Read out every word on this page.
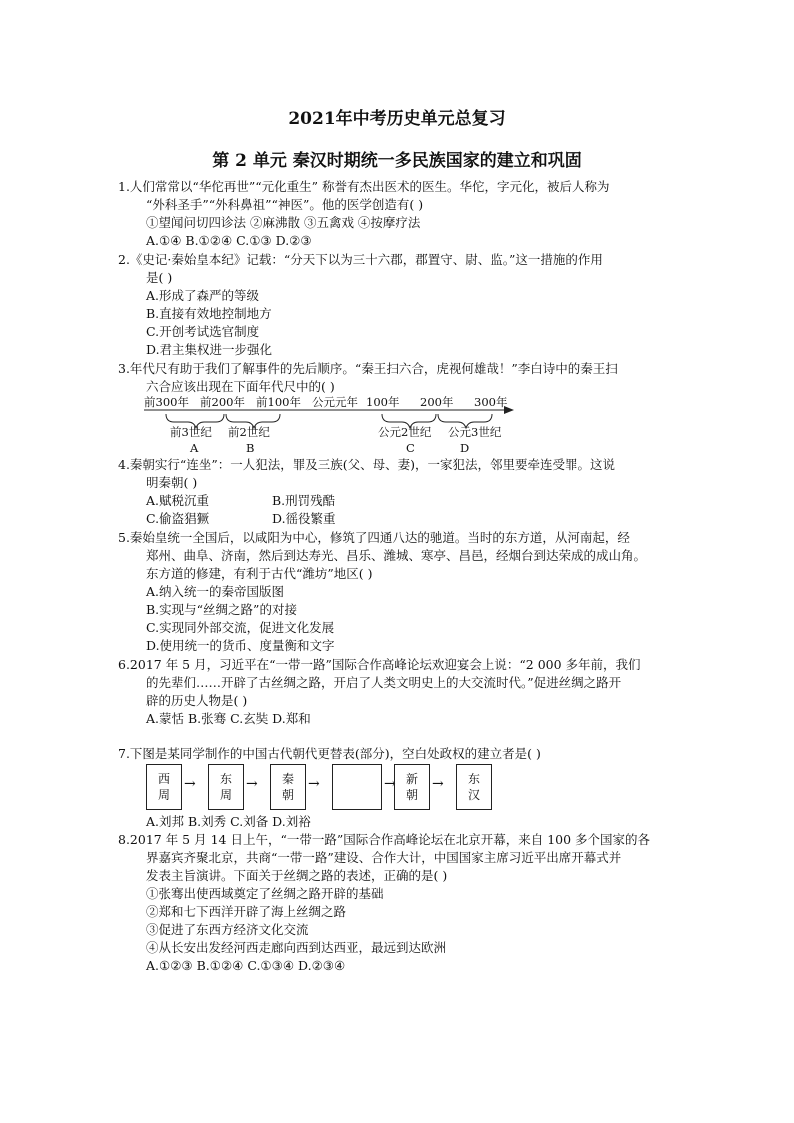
2021年中考历史单元总复习
第 2 单元 秦汉时期统一多民族国家的建立和巩固
1.人们常常以“华佗再世”“元化重生” 称誉有杰出医术的医生。华佗，字元化，被后人称为
“外科圣手”“外科鼻祖”“神医”。他的医学创造有( )
①望闻问切四诊法 ②麻沸散 ③五禽戏 ④按摩疗法
A.①④ B.①②④ C.①③ D.②③
2.《史记·秦始皇本纪》记载：“分天下以为三十六郡，郡置守、尉、监。”这一措施的作用
是( )
A.形成了森严的等级
B.直接有效地控制地方
C.开创考试选官制度
D.君主集权进一步强化
3.年代尺有助于我们了解事件的先后顺序。“秦王扫六合，虎视何雄哉！”李白诗中的秦王扫
六合应该出现在下面年代尺中的( )
前300年 前200年 前100年 公元元年 100年 200年 300年
前3世纪 前2世纪	公元2世纪 公元3世纪
A	B	C	D
4.秦朝实行“连坐”：一人犯法，罪及三族(父、母、妻)，一家犯法，邻里要牵连受罪。这说
明秦朝( )
A.赋税沉重	B.刑罚残酷
C.偷盗猖獗	D.徭役繁重
5.秦始皇统一全国后，以咸阳为中心，修筑了四通八达的驰道。当时的东方道，从河南起，经
郑州、曲阜、济南，然后到达寿光、昌乐、潍城、寒亭、昌邑，经烟台到达荣成的成山角。
东方道的修建，有利于古代“潍坊”地区( )
A.纳入统一的秦帝国版图
B.实现与“丝绸之路”的对接
C.实现同外部交流，促进文化发展
D.使用统一的货币、度量衡和文字
6.2017 年 5 月，习近平在“一带一路”国际合作高峰论坛欢迎宴会上说：“2 000 多年前，我们
的先辈们……开辟了古丝绸之路，开启了人类文明史上的大交流时代。”促进丝绸之路开
辟的历史人物是( )
A.蒙恬 B.张骞 C.玄奘 D.郑和
7.下图是某同学制作的中国古代朝代更替表(部分)，空白处政权的建立者是( )
西
周
→ 东
周
→ 秦
朝
→	→ 新
朝
→ 东
汉
A.刘邦 B.刘秀 C.刘备 D.刘裕
8.2017 年 5 月 14 日上午，“一带一路”国际合作高峰论坛在北京开幕，来自 100 多个国家的各
界嘉宾齐聚北京，共商“一带一路”建设、合作大计，中国国家主席习近平出席开幕式并
发表主旨演讲。下面关于丝绸之路的表述，正确的是( )
①张骞出使西域奠定了丝绸之路开辟的基础
②郑和七下西洋开辟了海上丝绸之路
③促进了东西方经济文化交流
④从长安出发经河西走廊向西到达西亚，最远到达欧洲
A.①②③ B.①②④ C.①③④ D.②③④
